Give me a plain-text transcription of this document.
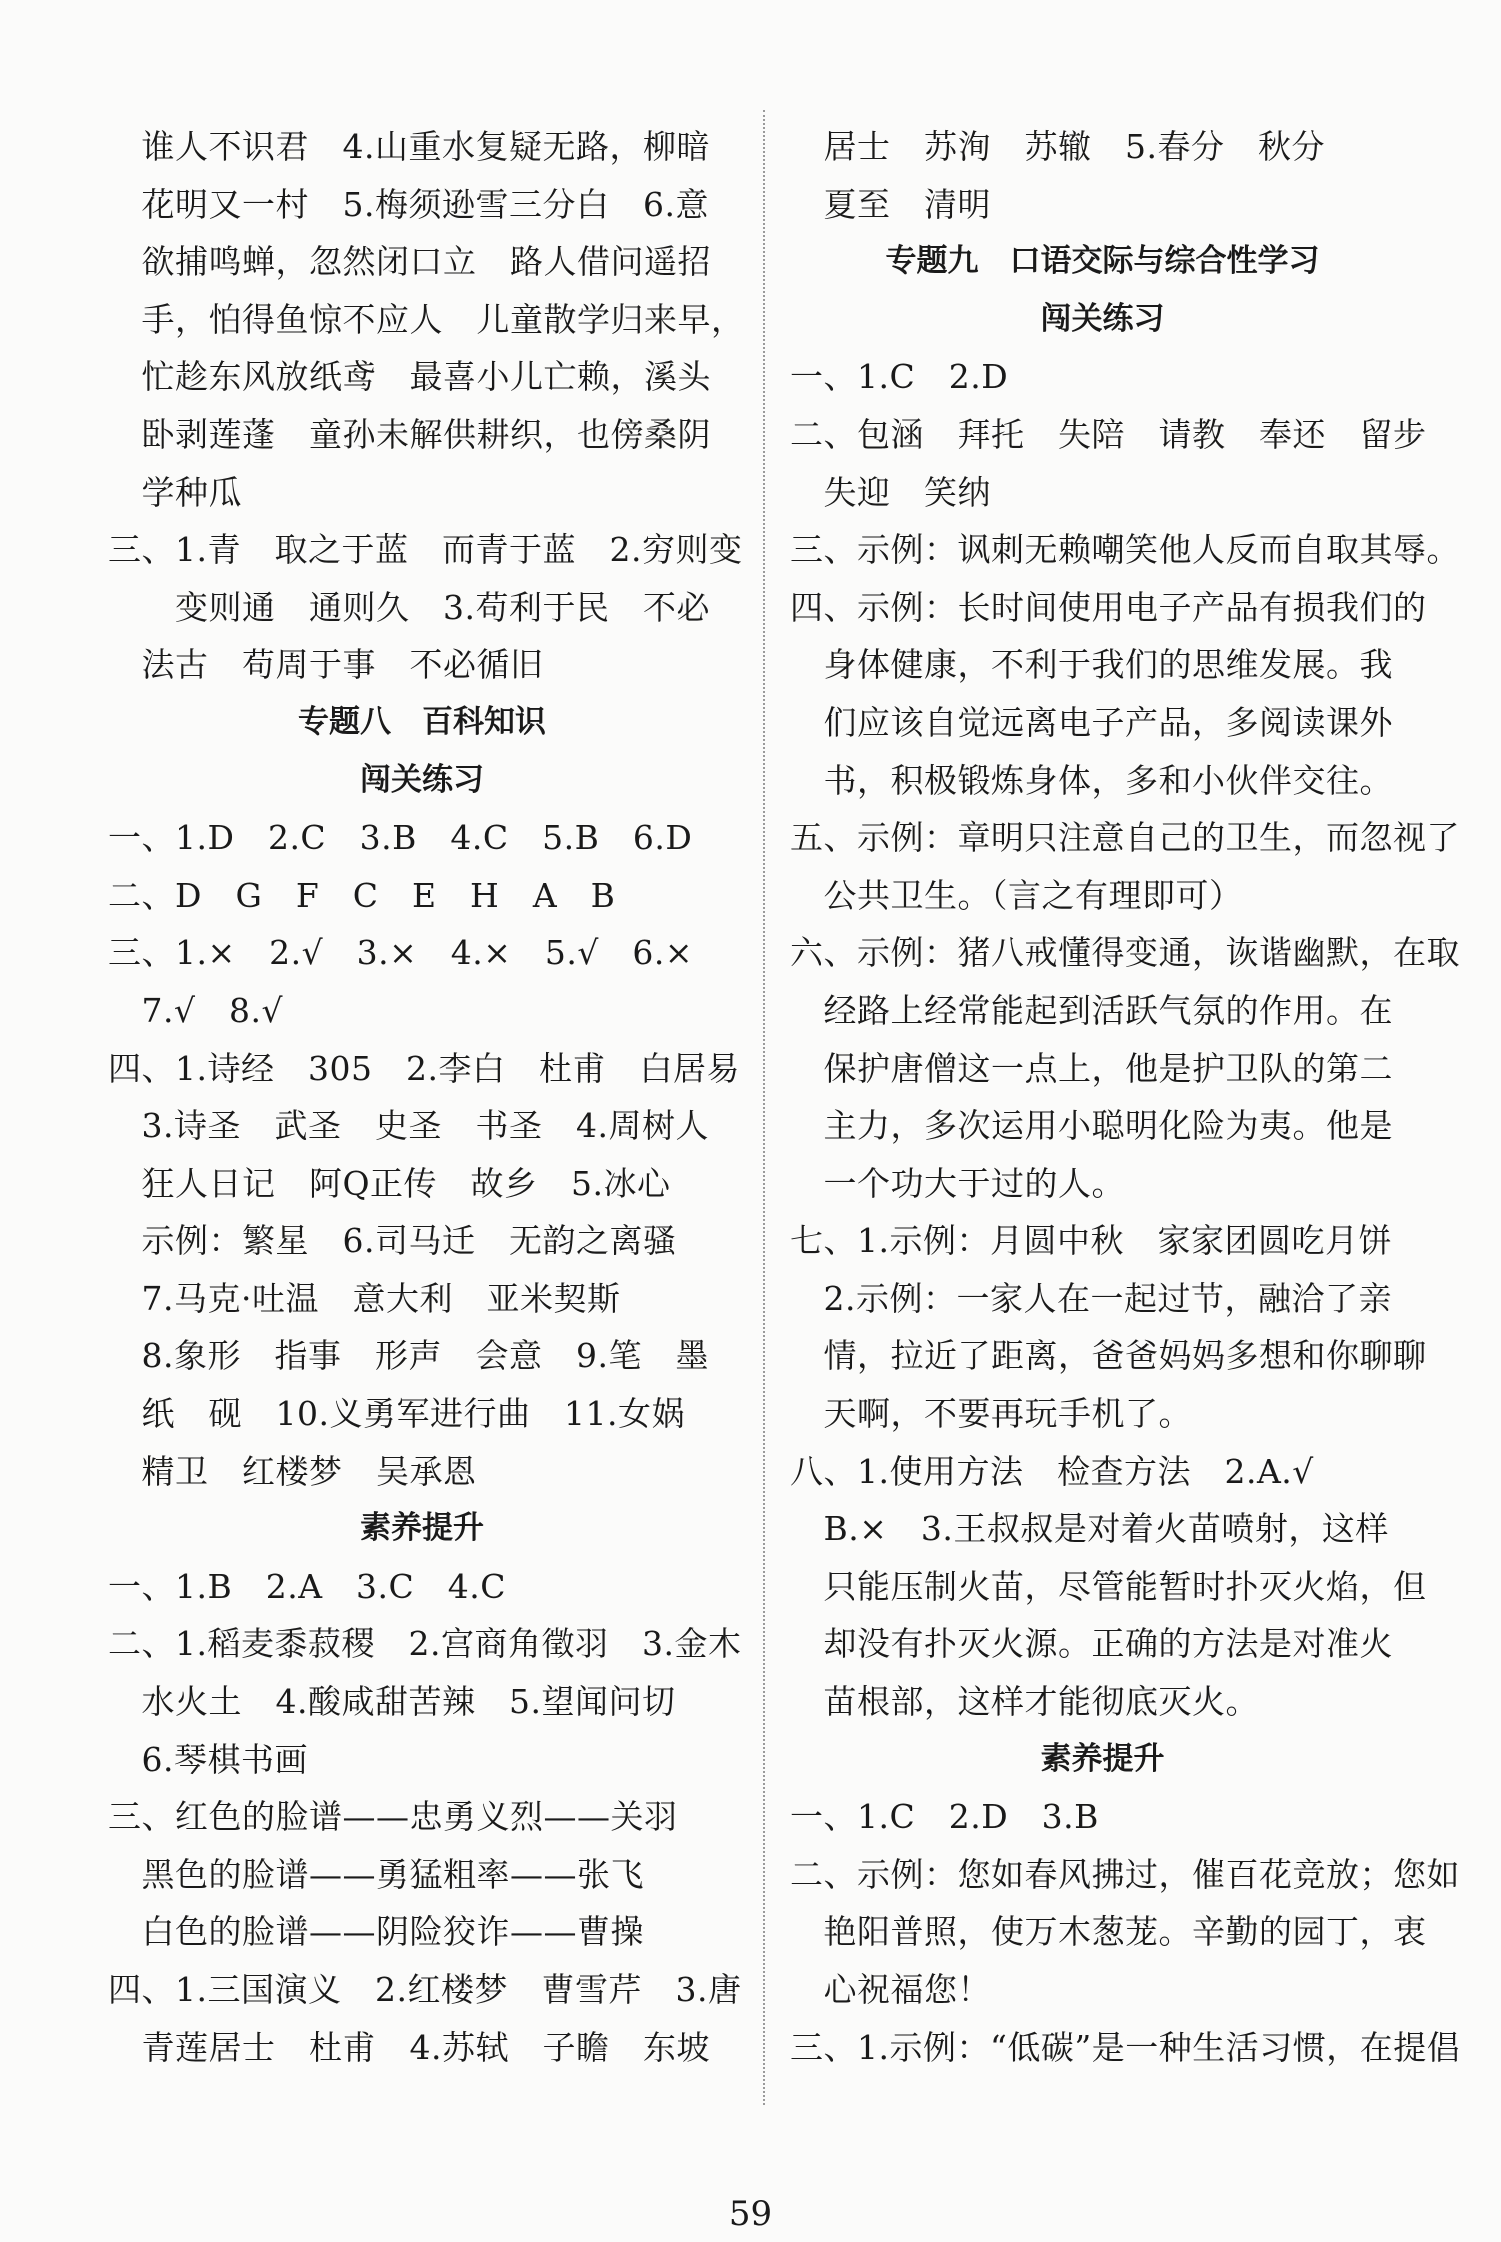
　谁人不识君　4.山重水复疑无路，柳暗
　花明又一村　5.梅须逊雪三分白　6.意
　欲捕鸣蝉，忽然闭口立　路人借问遥招
　手，怕得鱼惊不应人　儿童散学归来早，
　忙趁东风放纸鸢　最喜小儿亡赖，溪头
　卧剥莲蓬　童孙未解供耕织，也傍桑阴
　学种瓜
三、1.青　取之于蓝　而青于蓝　2.穷则变
　　变则通　通则久　3.苟利于民　不必
　法古　苟周于事　不必循旧
专题八　百科知识
闯关练习
一、1.D　2.C　3.B　4.C　5.B　6.D
二、D　G　F　C　E　H　A　B
三、1.×　2.√　3.×　4.×　5.√　6.×
　7.√　8.√
四、1.诗经　305　2.李白　杜甫　白居易
　3.诗圣　武圣　史圣　书圣　4.周树人
　狂人日记　阿Q正传　故乡　5.冰心
　示例：繁星　6.司马迁　无韵之离骚
　7.马克·吐温　意大利　亚米契斯
　8.象形　指事　形声　会意　9.笔　墨
　纸　砚　10.义勇军进行曲　11.女娲
　精卫　红楼梦　吴承恩
素养提升
一、1.B　2.A　3.C　4.C
二、1.稻麦黍菽稷　2.宫商角徵羽　3.金木
　水火土　4.酸咸甜苦辣　5.望闻问切
　6.琴棋书画
三、红色的脸谱——忠勇义烈——关羽
　黑色的脸谱——勇猛粗率——张飞
　白色的脸谱——阴险狡诈——曹操
四、1.三国演义　2.红楼梦　曹雪芹　3.唐
　青莲居士　杜甫　4.苏轼　子瞻　东坡
　居士　苏洵　苏辙　5.春分　秋分
　夏至　清明
专题九　口语交际与综合性学习
闯关练习
一、1.C　2.D
二、包涵　拜托　失陪　请教　奉还　留步
　失迎　笑纳
三、示例：讽刺无赖嘲笑他人反而自取其辱。
四、示例：长时间使用电子产品有损我们的
　身体健康，不利于我们的思维发展。我
　们应该自觉远离电子产品，多阅读课外
　书，积极锻炼身体，多和小伙伴交往。
五、示例：章明只注意自己的卫生，而忽视了
　公共卫生。（言之有理即可）
六、示例：猪八戒懂得变通，诙谐幽默，在取
　经路上经常能起到活跃气氛的作用。在
　保护唐僧这一点上，他是护卫队的第二
　主力，多次运用小聪明化险为夷。他是
　一个功大于过的人。
七、1.示例：月圆中秋　家家团圆吃月饼
　2.示例：一家人在一起过节，融洽了亲
　情，拉近了距离，爸爸妈妈多想和你聊聊
　天啊，不要再玩手机了。
八、1.使用方法　检查方法　2.A.√
　B.×　3.王叔叔是对着火苗喷射，这样
　只能压制火苗，尽管能暂时扑灭火焰，但
　却没有扑灭火源。正确的方法是对准火
　苗根部，这样才能彻底灭火。
素养提升
一、1.C　2.D　3.B
二、示例：您如春风拂过，催百花竞放；您如
　艳阳普照，使万木葱茏。辛勤的园丁，衷
　心祝福您！
三、1.示例：“低碳”是一种生活习惯，在提倡
59
